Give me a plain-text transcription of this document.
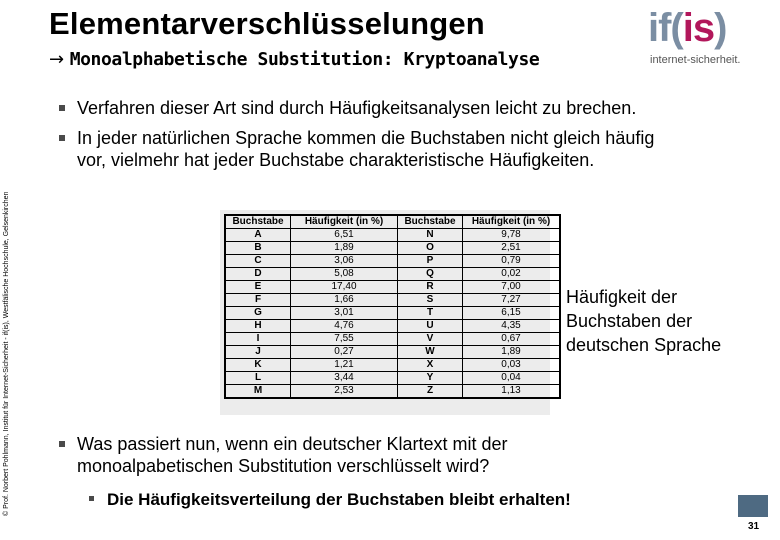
Elementarverschlüsselungen
→ Monoalphabetische Substitution: Kryptoanalyse
if(is)
internet-sicherheit.
© Prof. Norbert Pohlmann, Institut für Internet-Sicherheit - if(is), Westfälische Hochschule, Gelsenkirchen
Verfahren dieser Art sind durch Häufigkeitsanalysen leicht zu brechen.
In jeder natürlichen Sprache kommen die Buchstaben nicht gleich häufig vor, vielmehr hat jeder Buchstabe charakteristische Häufigkeiten.
Buchstabe	Häufigkeit (in %)	Buchstabe	Häufigkeit (in %)
A	6,51	N	9,78
B	1,89	O	2,51
C	3,06	P	0,79
D	5,08	Q	0,02
E	17,40	R	7,00
F	1,66	S	7,27
G	3,01	T	6,15
H	4,76	U	4,35
I	7,55	V	0,67
J	0,27	W	1,89
K	1,21	X	0,03
L	3,44	Y	0,04
M	2,53	Z	1,13
Häufigkeit der Buchstaben der deutschen Sprache
Was passiert nun, wenn ein deutscher Klartext mit der monoalpabetischen Substitution verschlüsselt wird?
Die Häufigkeitsverteilung der Buchstaben bleibt erhalten!
31
